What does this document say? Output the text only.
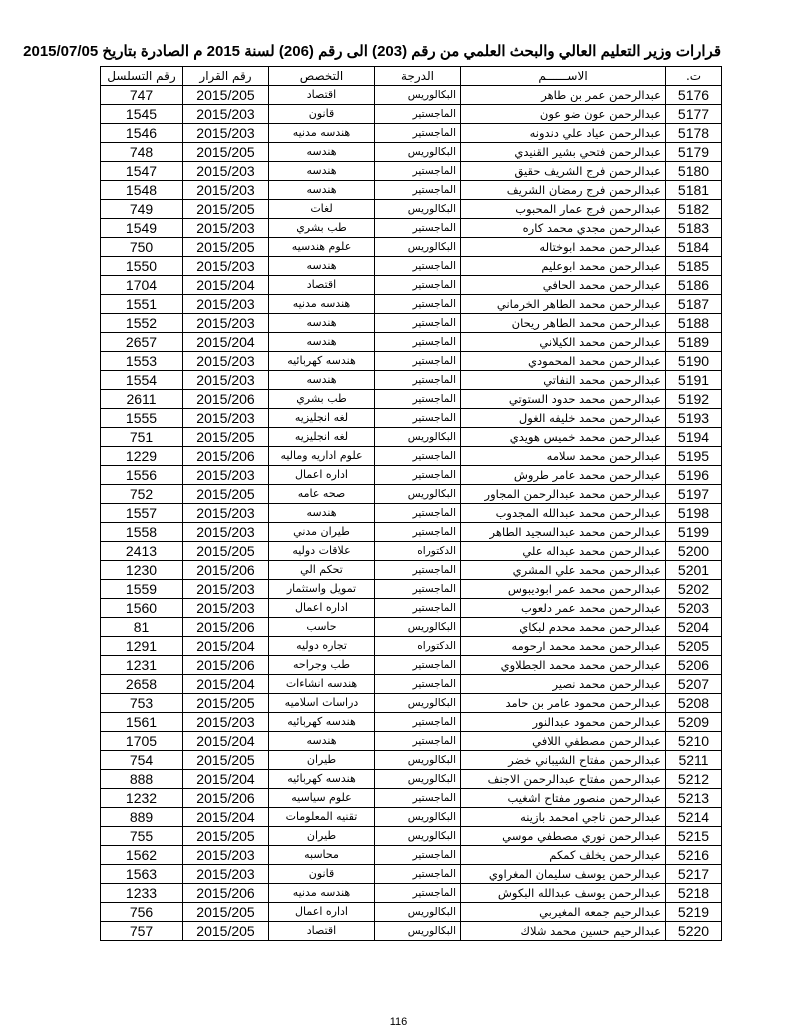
قرارات وزير التعليم العالي والبحث العلمي من رقم (203) الى رقم (206) لسنة 2015 م الصادرة بتاريخ 2015/07/05
ت.	الاســــــم	الدرجة	التخصص	رقم القرار	رقم التسلسل
5176	عبدالرحمن عمر بن طاهر	البكالوريس	اقتصاد	2015/205	747
5177	عبدالرحمن عون ضو عون	الماجستير	قانون	2015/203	1545
5178	عبدالرحمن عياد علي دندونه	الماجستير	هندسه مدنيه	2015/203	1546
5179	عبدالرحمن فتحي بشير القنيدي	البكالوريس	هندسه	2015/205	748
5180	عبدالرحمن فرج الشريف حقيق	الماجستير	هندسه	2015/203	1547
5181	عبدالرحمن فرج رمضان الشريف	الماجستير	هندسه	2015/203	1548
5182	عبدالرحمن فرج عمار المحبوب	البكالوريس	لغات	2015/205	749
5183	عبدالرحمن مجدي محمد كاره	الماجستير	طب بشري	2015/203	1549
5184	عبدالرحمن محمد ابوختاله	البكالوريس	علوم هندسيه	2015/205	750
5185	عبدالرحمن محمد ابوعليم	الماجستير	هندسه	2015/203	1550
5186	عبدالرحمن محمد الحافي	الماجستير	اقتصاد	2015/204	1704
5187	عبدالرحمن محمد الطاهر الخرماني	الماجستير	هندسه مدنيه	2015/203	1551
5188	عبدالرحمن محمد الطاهر ريحان	الماجستير	هندسه	2015/203	1552
5189	عبدالرحمن محمد الكيلاني	الماجستير	هندسه	2015/204	2657
5190	عبدالرحمن محمد المحمودي	الماجستير	هندسه كهربائيه	2015/203	1553
5191	عبدالرحمن محمد النفاتي	الماجستير	هندسه	2015/203	1554
5192	عبدالرحمن محمد حدود الستوتي	الماجستير	طب بشري	2015/206	2611
5193	عبدالرحمن محمد خليفه الغول	الماجستير	لغه انجليزيه	2015/203	1555
5194	عبدالرحمن محمد خميس هويدي	البكالوريس	لغه انجليزيه	2015/205	751
5195	عبدالرحمن محمد سلامه	الماجستير	علوم اداريه وماليه	2015/206	1229
5196	عبدالرحمن محمد عامر طروش	الماجستير	اداره اعمال	2015/203	1556
5197	عبدالرحمن محمد عبدالرحمن المجاور	البكالوريس	صحه عامه	2015/205	752
5198	عبدالرحمن محمد عبدالله المجدوب	الماجستير	هندسه	2015/203	1557
5199	عبدالرحمن محمد عبدالسجيد الطاهر	الماجستير	طيران مدني	2015/203	1558
5200	عبدالرحمن محمد عبداله علي	الدكتوراه	علاقات دوليه	2015/205	2413
5201	عبدالرحمن محمد علي المشري	الماجستير	تحكم الي	2015/206	1230
5202	عبدالرحمن محمد عمر ابوديبوس	الماجستير	تمويل واستثمار	2015/203	1559
5203	عبدالرحمن محمد عمر دلعوب	الماجستير	اداره اعمال	2015/203	1560
5204	عبدالرحمن محمد محدم لبكاي	البكالوريس	حاسب	2015/206	81
5205	عبدالرحمن محمد محمد ارحومه	الدكتوراه	تجاره دوليه	2015/204	1291
5206	عبدالرحمن محمد محمد الجطلاوي	الماجستير	طب وجراحه	2015/206	1231
5207	عبدالرحمن محمد نصير	الماجستير	هندسه انشاءات	2015/204	2658
5208	عبدالرحمن محمود عامر بن حامد	البكالوريس	دراسات اسلاميه	2015/205	753
5209	عبدالرحمن محمود عبدالنور	الماجستير	هندسه كهربائيه	2015/203	1561
5210	عبدالرحمن مصطفي اللافي	الماجستير	هندسه	2015/204	1705
5211	عبدالرحمن مفتاح الشيباني خضر	البكالوريس	طيران	2015/205	754
5212	عبدالرحمن مفتاح عبدالرحمن الاجنف	البكالوريس	هندسه كهربائيه	2015/204	888
5213	عبدالرحمن منصور مفتاح اشغيب	الماجستير	علوم سياسيه	2015/206	1232
5214	عبدالرحمن ناجي امحمد بازينه	البكالوريس	تقنيه المعلومات	2015/204	889
5215	عبدالرحمن نوري مصطفي موسي	البكالوريس	طيران	2015/205	755
5216	عبدالرحمن يخلف كمكم	الماجستير	محاسبه	2015/203	1562
5217	عبدالرحمن يوسف سليمان المغراوي	الماجستير	قانون	2015/203	1563
5218	عبدالرحمن يوسف عبدالله البكوش	الماجستير	هندسه مدنيه	2015/206	1233
5219	عبدالرحيم جمعه المغيربي	البكالوريس	اداره اعمال	2015/205	756
5220	عبدالرحيم حسين محمد شلاك	البكالوريس	اقتصاد	2015/205	757
116
